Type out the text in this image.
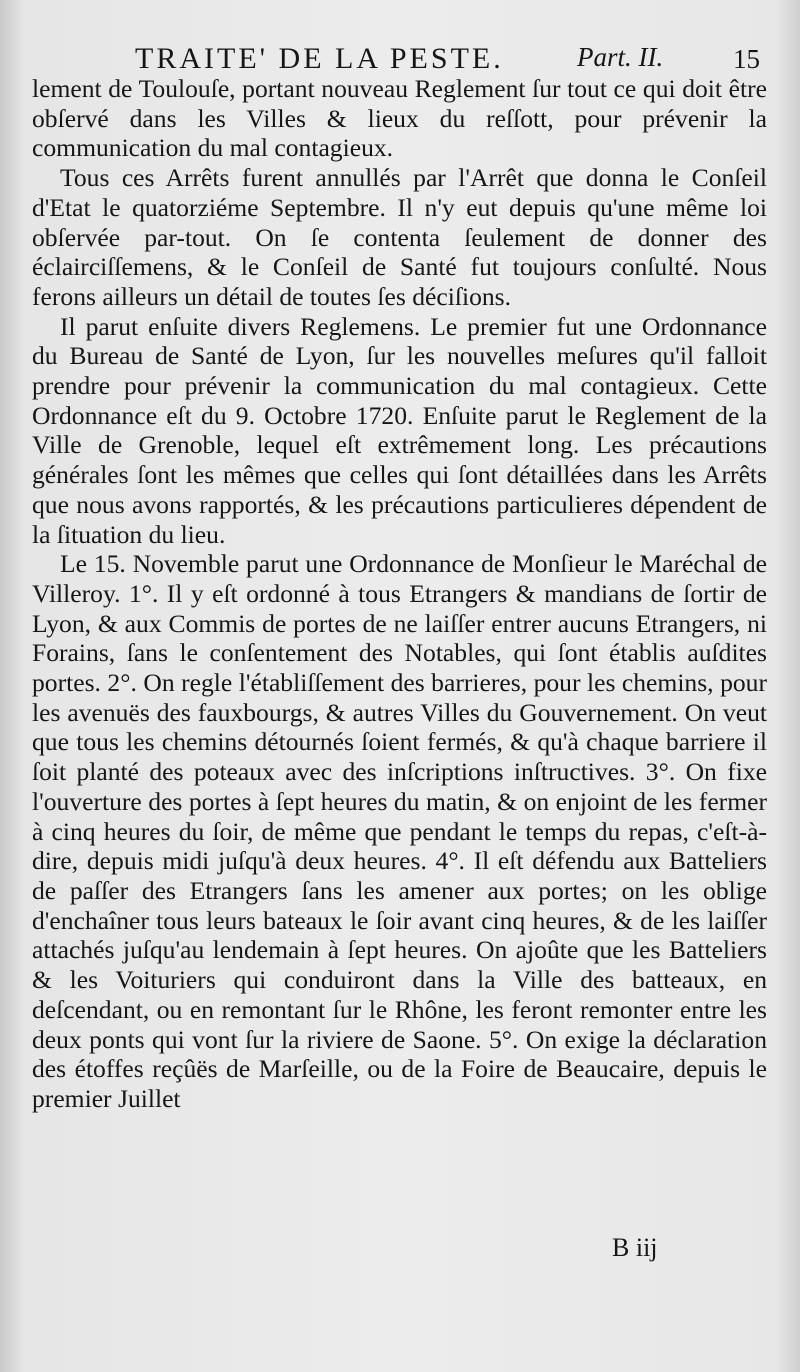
TRAITE' DE LA PESTE.	Part. II.	15

lement de Toulouſe, portant nouveau Reglement ſur tout ce qui doit être obſervé dans les Villes & lieux du reſſott, pour prévenir la communication du mal contagieux.

Tous ces Arrêts furent annullés par l'Arrêt que donna le Conſeil d'Etat le quatorziéme Septembre. Il n'y eut depuis qu'une même loi obſervée par-tout. On ſe contenta ſeulement de donner des éclairciſſemens, & le Conſeil de Santé fut toujours conſulté. Nous ferons ailleurs un détail de toutes ſes déciſions.

Il parut enſuite divers Reglemens. Le premier fut une Ordonnance du Bureau de Santé de Lyon, ſur les nouvelles meſures qu'il falloit prendre pour prévenir la communication du mal contagieux. Cette Ordonnance eſt du 9. Octobre 1720. Enſuite parut le Reglement de la Ville de Grenoble, lequel eſt extrêmement long. Les précautions générales ſont les mêmes que celles qui ſont détaillées dans les Arrêts que nous avons rapportés, & les précautions particulieres dépendent de la ſituation du lieu.

Le 15. Novemble parut une Ordonnance de Monſieur le Maréchal de Villeroy. 1°. Il y eſt ordonné à tous Etrangers & mandians de ſortir de Lyon, & aux Commis de portes de ne laiſſer entrer aucuns Etrangers, ni Forains, ſans le conſentement des Notables, qui ſont établis auſdites portes. 2°. On regle l'établiſſement des barrieres, pour les chemins, pour les avenuës des fauxbourgs, & autres Villes du Gouvernement. On veut que tous les chemins détournés ſoient fermés, & qu'à chaque barriere il ſoit planté des poteaux avec des inſcriptions inſtructives. 3°. On fixe l'ouverture des portes à ſept heures du matin, & on enjoint de les fermer à cinq heures du ſoir, de même que pendant le temps du repas, c'eſt-à-dire, depuis midi juſqu'à deux heures. 4°. Il eſt défendu aux Batteliers de paſſer des Etrangers ſans les amener aux portes; on les oblige d'enchaîner tous leurs bateaux le ſoir avant cinq heures, & de les laiſſer attachés juſqu'au lendemain à ſept heures. On ajoûte que les Batteliers & les Voituriers qui conduiront dans la Ville des batteaux, en deſcendant, ou en remontant ſur le Rhône, les feront remonter entre les deux ponts qui vont ſur la riviere de Saone. 5°. On exige la déclaration des étoffes reçûës de Marſeille, ou de la Foire de Beaucaire, depuis le premier Juillet

B iij
